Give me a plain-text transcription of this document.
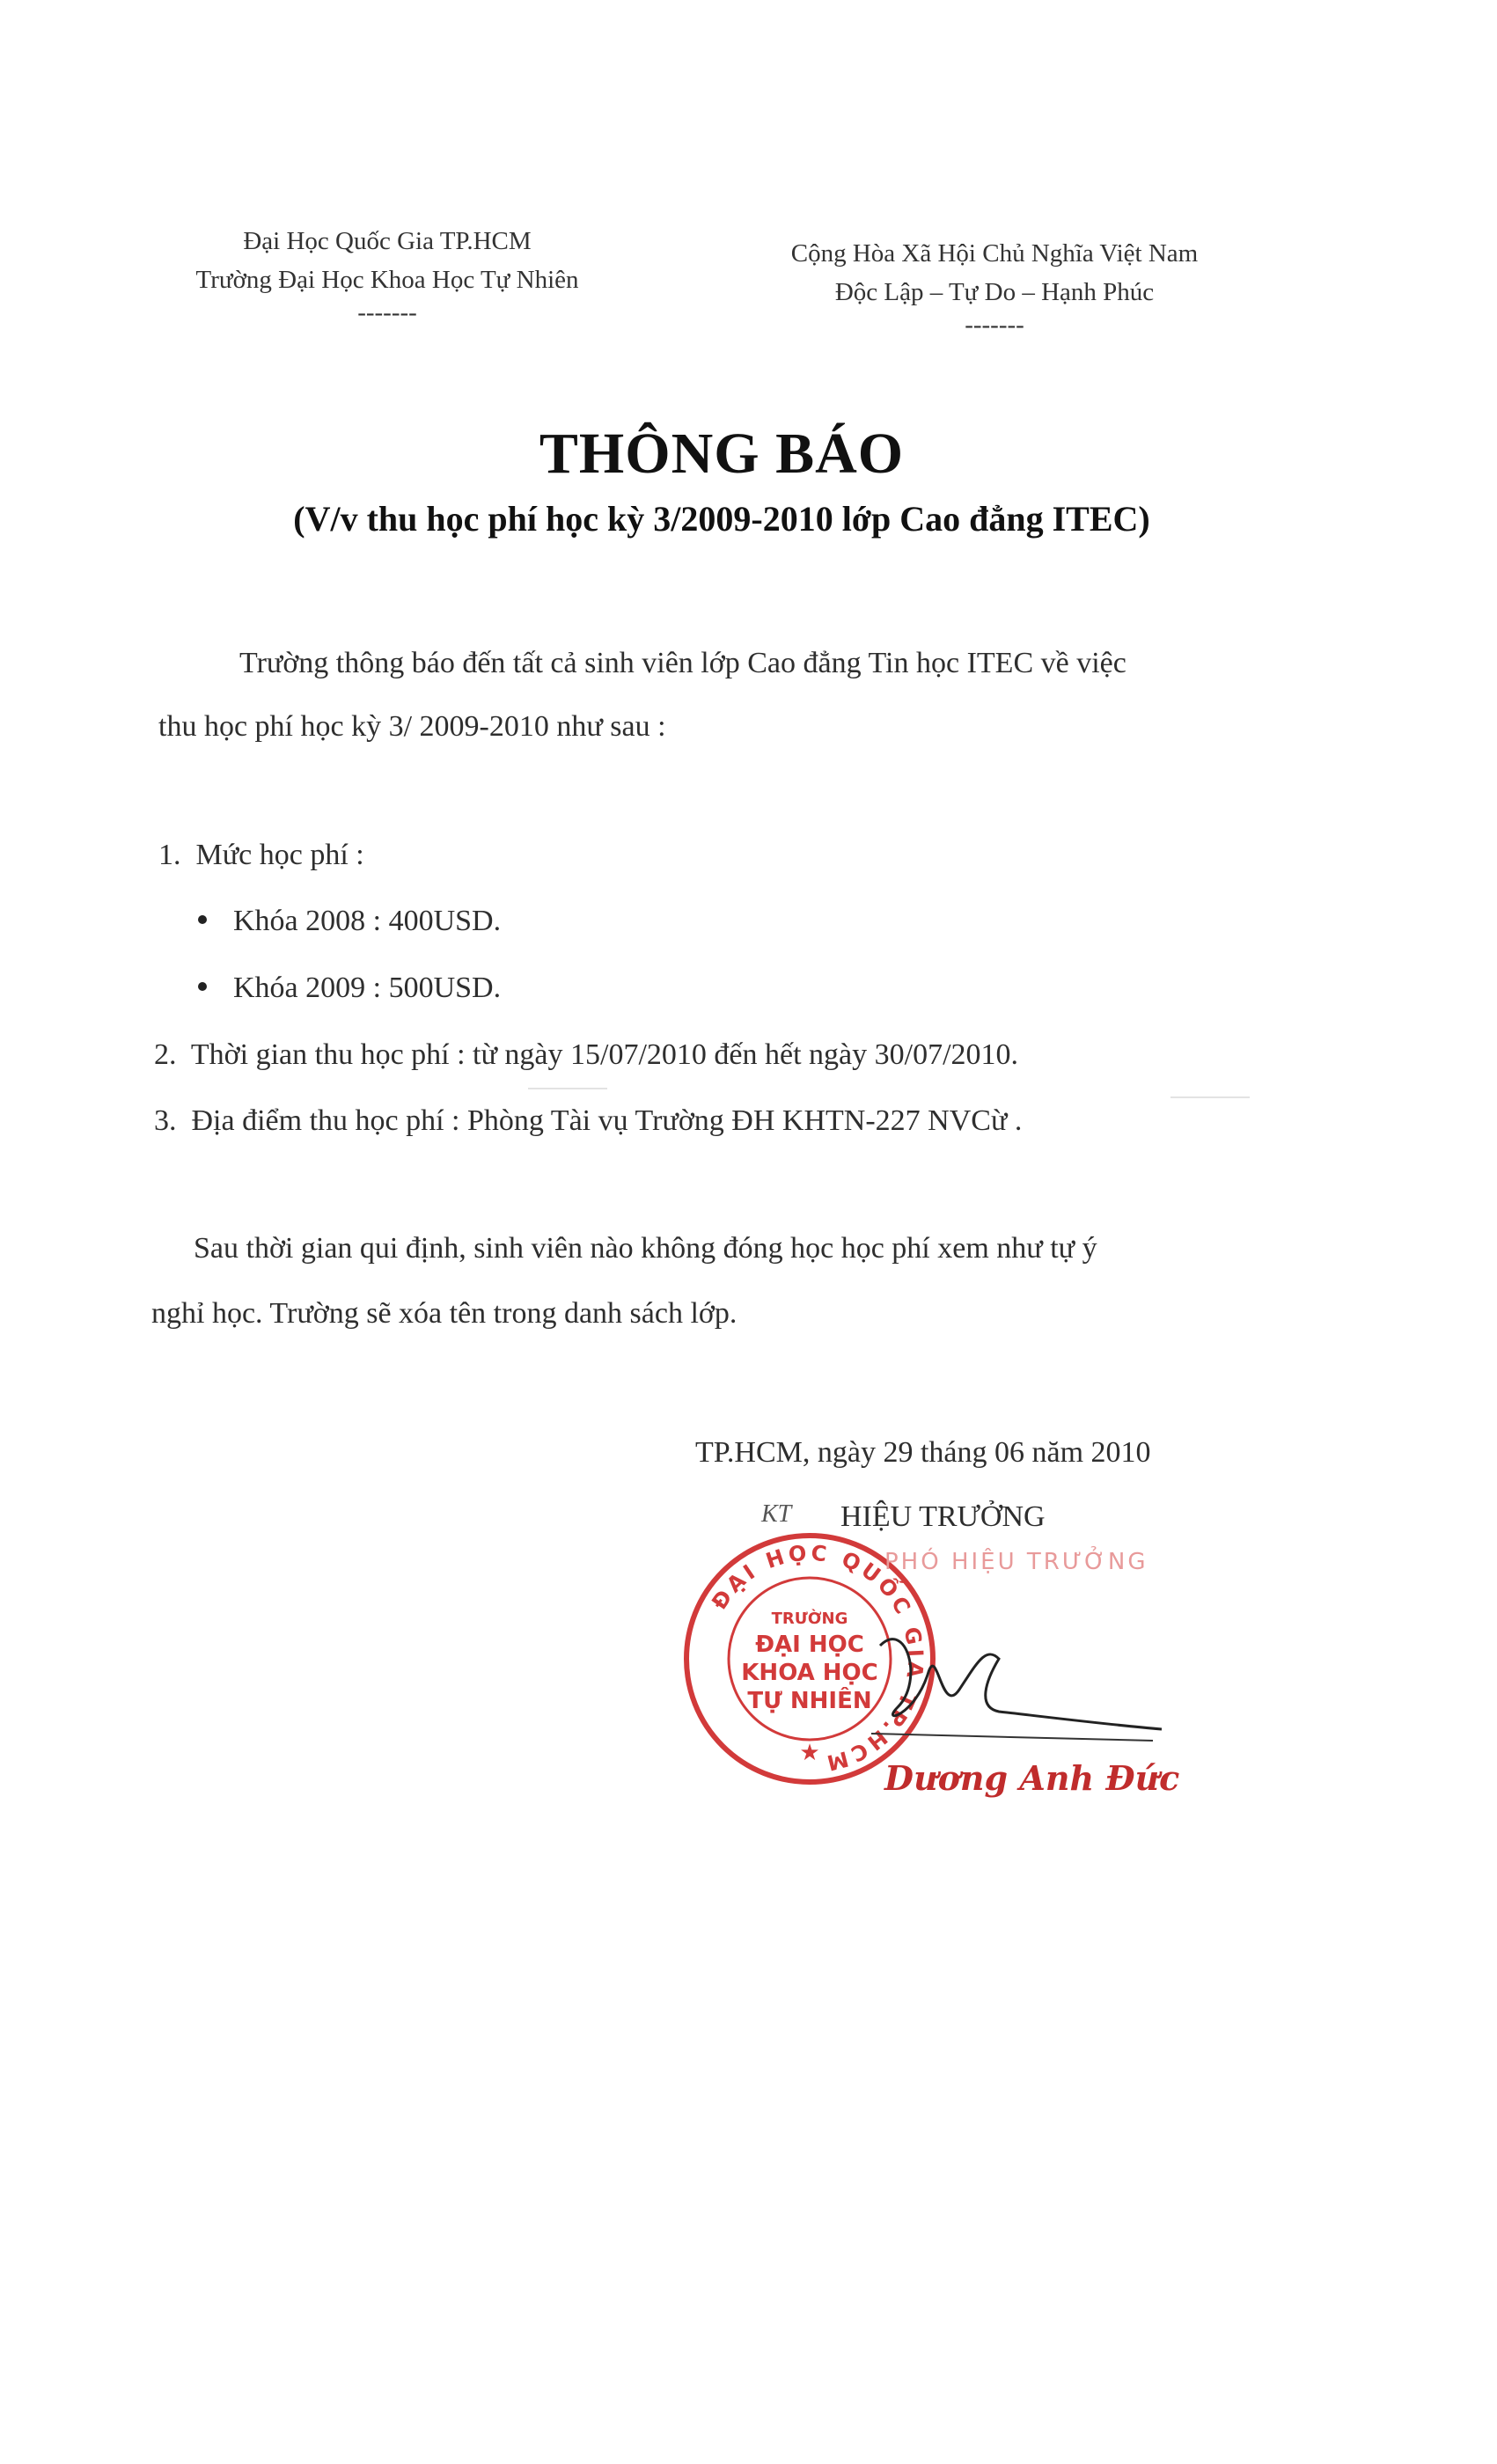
Đại Học Quốc Gia TP.HCM
Trường Đại Học Khoa Học Tự Nhiên
-------
Cộng Hòa Xã Hội Chủ Nghĩa Việt Nam
Độc Lập – Tự Do – Hạnh Phúc
-------
THÔNG BÁO
(V/v thu học phí học kỳ 3/2009-2010 lớp Cao đẳng ITEC)
Trường thông báo đến tất cả sinh viên lớp Cao đẳng Tin học ITEC về việc
thu học phí học kỳ 3/ 2009-2010 như sau :
1.  Mức học phí :
Khóa 2008 : 400USD.
Khóa 2009 : 500USD.
2.  Thời gian thu học phí : từ ngày 15/07/2010 đến hết ngày 30/07/2010.
3.  Địa điểm thu học phí : Phòng Tài vụ Trường ĐH KHTN-227 NVCừ .
Sau thời gian qui định, sinh viên nào không đóng học học phí xem như tự ý
nghỉ học. Trường sẽ xóa tên trong danh sách lớp.
TP.HCM, ngày 29 tháng 06 năm 2010
KT HIỆU TRƯỞNG
ĐẠI HỌC QUỐC GIA TP.HCM
TRƯỜNG
ĐẠI HỌC
KHOA HỌC
TỰ NHIÊN
★
PHÓ HIỆU TRƯỞNG
Dương Anh Đức
